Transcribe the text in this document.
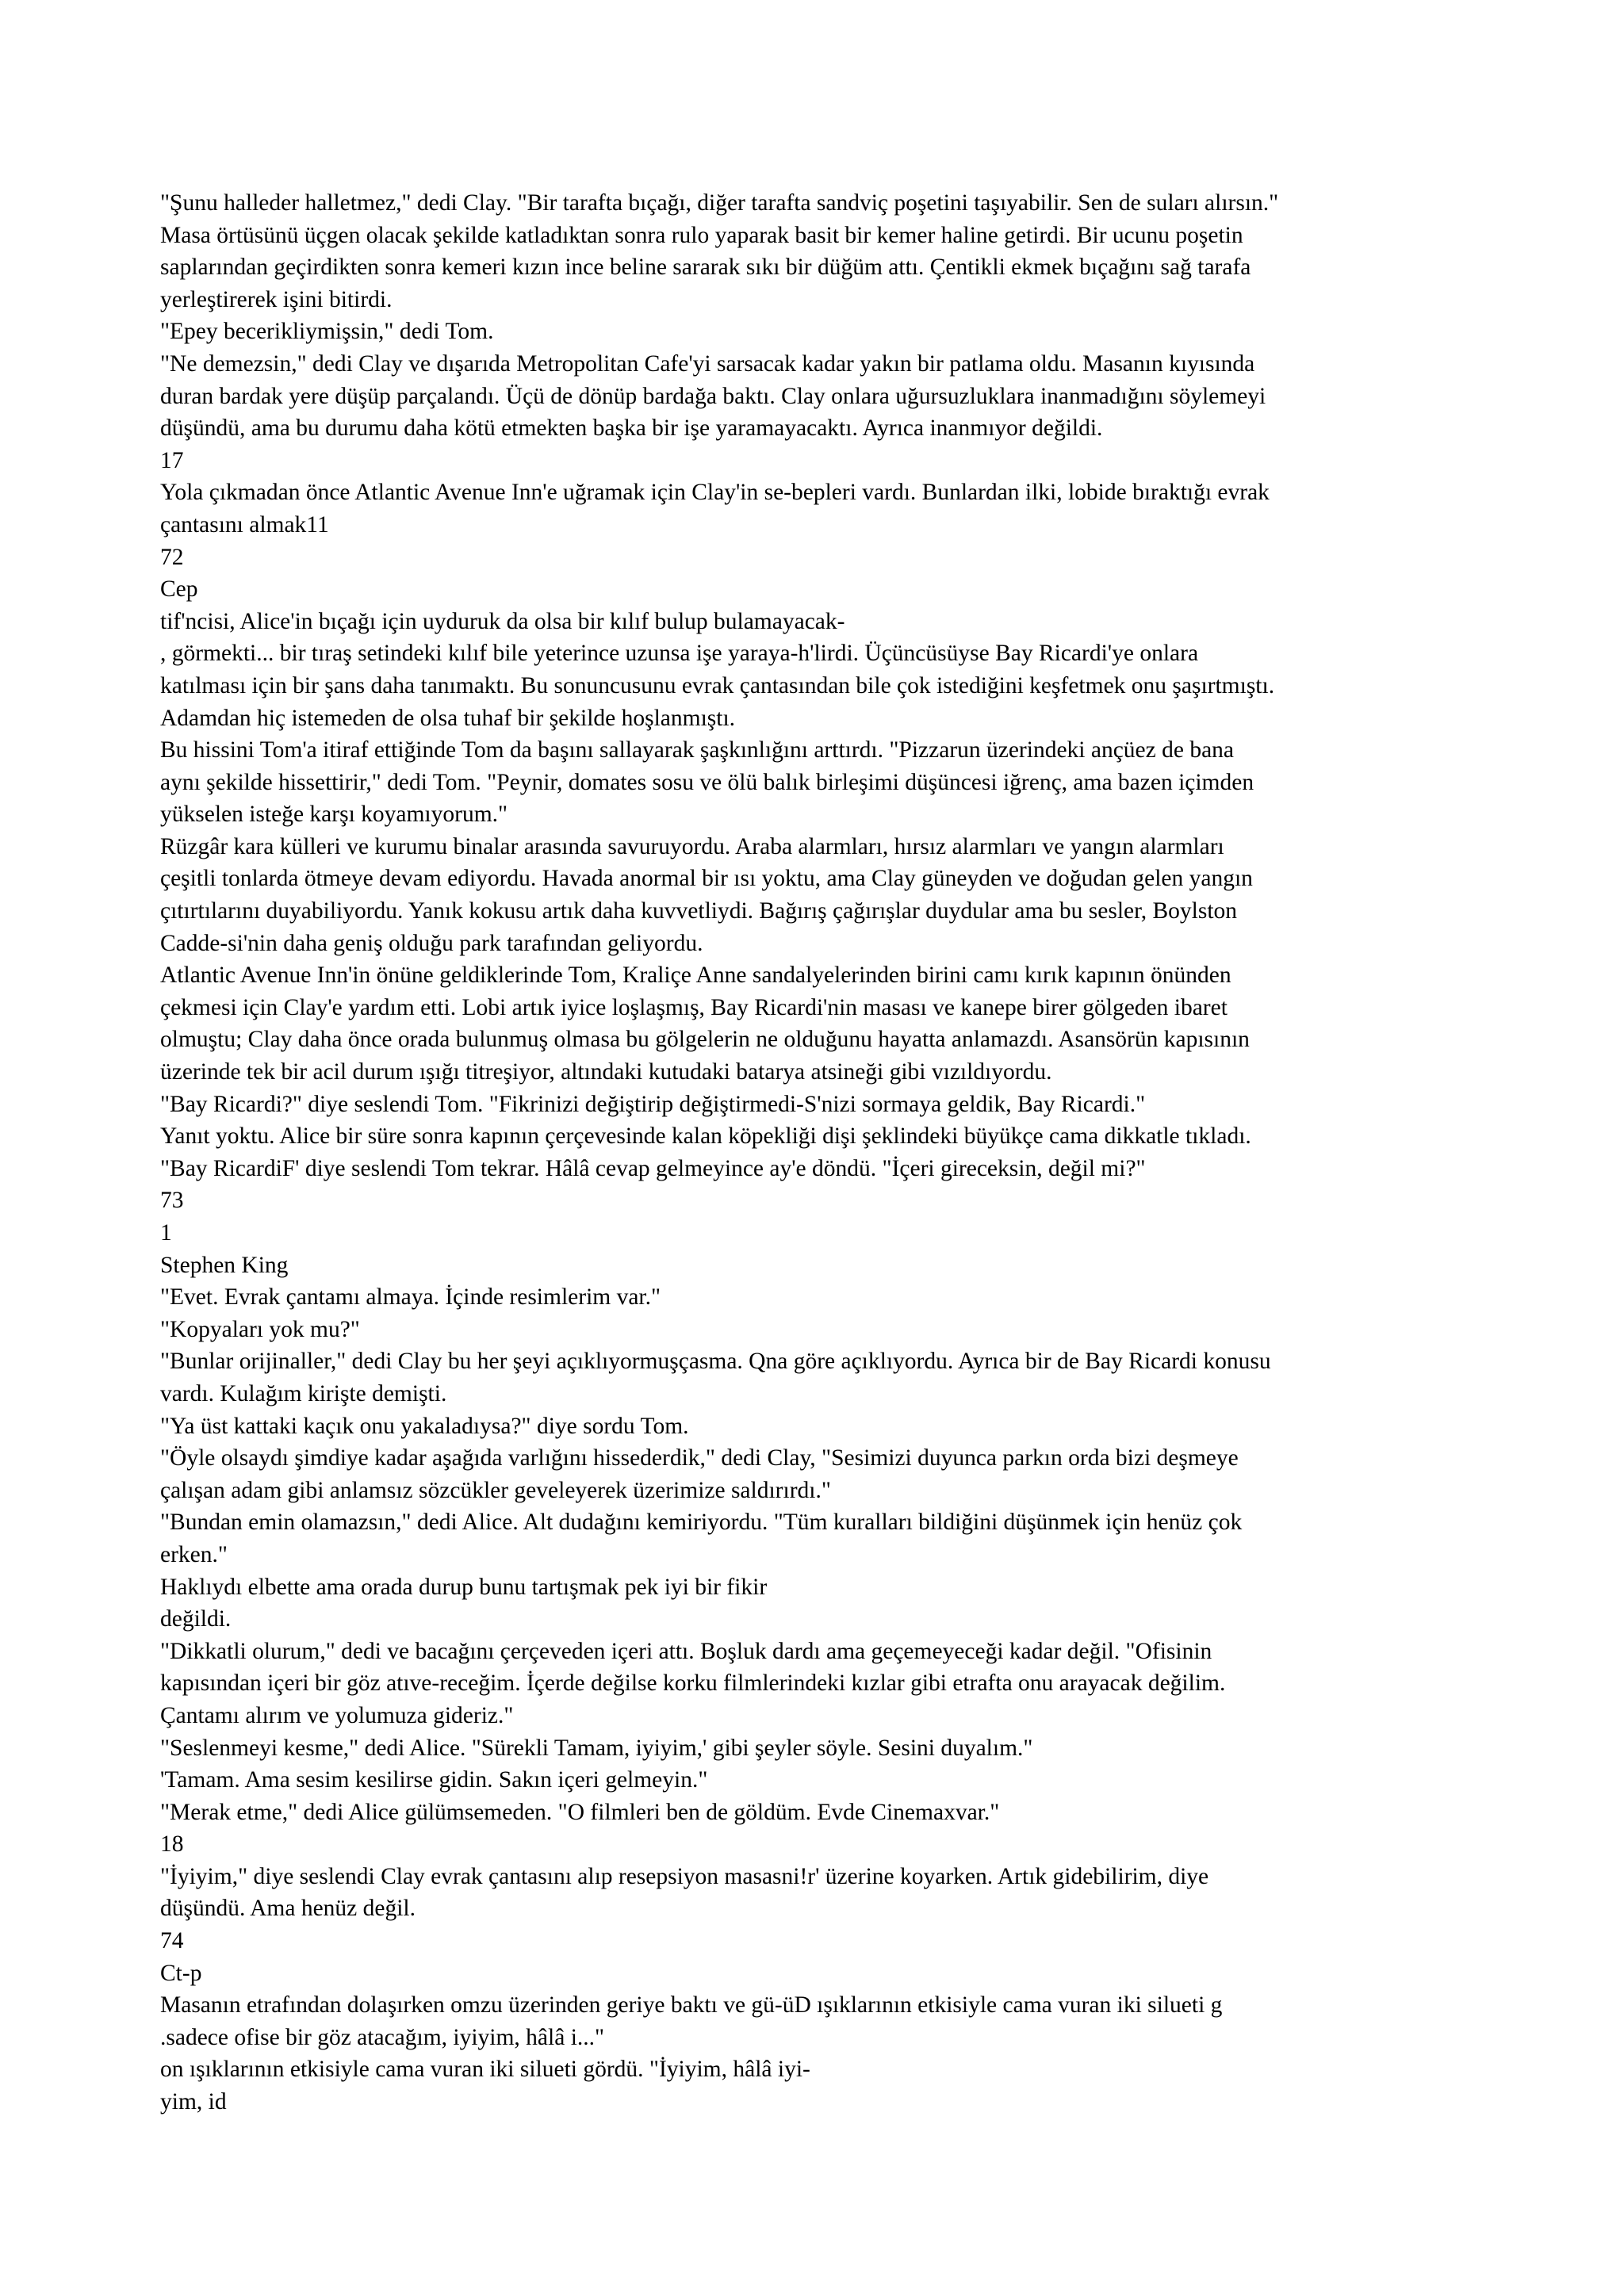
"Şunu halleder halletmez," dedi Clay. "Bir tarafta bıçağı, diğer tarafta sandviç poşetini taşıyabilir. Sen de suları alırsın."
Masa örtüsünü üçgen olacak şekilde katladıktan sonra rulo yaparak basit bir kemer haline getirdi. Bir ucunu poşetin
saplarından geçirdikten sonra kemeri kızın ince beline sararak sıkı bir düğüm attı. Çentikli ekmek bıçağını sağ tarafa
yerleştirerek işini bitirdi.
"Epey becerikliymişsin," dedi Tom.
"Ne demezsin," dedi Clay ve dışarıda Metropolitan Cafe'yi sarsacak kadar yakın bir patlama oldu. Masanın kıyısında
duran bardak yere düşüp parçalandı. Üçü de dönüp bardağa baktı. Clay onlara uğursuzluklara inanmadığını söylemeyi
düşündü, ama bu durumu daha kötü etmekten başka bir işe yaramayacaktı. Ayrıca inanmıyor değildi.
17
Yola çıkmadan önce Atlantic Avenue Inn'e uğramak için Clay'in se-bepleri vardı. Bunlardan ilki, lobide bıraktığı evrak
çantasını almak11
72
Cep
tif'ncisi, Alice'in bıçağı için uyduruk da olsa bir kılıf bulup bulamayacak-
, görmekti... bir tıraş setindeki kılıf bile yeterince uzunsa işe yaraya-h'lirdi. Üçüncüsüyse Bay Ricardi'ye onlara
katılması için bir şans daha tanımaktı. Bu sonuncusunu evrak çantasından bile çok istediğini keşfetmek onu şaşırtmıştı.
Adamdan hiç istemeden de olsa tuhaf bir şekilde hoşlanmıştı.
Bu hissini Tom'a itiraf ettiğinde Tom da başını sallayarak şaşkınlığını arttırdı. "Pizzarun üzerindeki ançüez de bana
aynı şekilde hissettirir," dedi Tom. "Peynir, domates sosu ve ölü balık birleşimi düşüncesi iğrenç, ama bazen içimden
yükselen isteğe karşı koyamıyorum."
Rüzgâr kara külleri ve kurumu binalar arasında savuruyordu. Araba alarmları, hırsız alarmları ve yangın alarmları
çeşitli tonlarda ötmeye devam ediyordu. Havada anormal bir ısı yoktu, ama Clay güneyden ve doğudan gelen yangın
çıtırtılarını duyabiliyordu. Yanık kokusu artık daha kuvvetliydi. Bağırış çağırışlar duydular ama bu sesler, Boylston
Cadde-si'nin daha geniş olduğu park tarafından geliyordu.
Atlantic Avenue Inn'in önüne geldiklerinde Tom, Kraliçe Anne sandalyelerinden birini camı kırık kapının önünden
çekmesi için Clay'e yardım etti. Lobi artık iyice loşlaşmış, Bay Ricardi'nin masası ve kanepe birer gölgeden ibaret
olmuştu; Clay daha önce orada bulunmuş olmasa bu gölgelerin ne olduğunu hayatta anlamazdı. Asansörün kapısının
üzerinde tek bir acil durum ışığı titreşiyor, altındaki kutudaki batarya atsineği gibi vızıldıyordu.
"Bay Ricardi?" diye seslendi Tom. "Fikrinizi değiştirip değiştirmedi-S'nizi sormaya geldik, Bay Ricardi."
Yanıt yoktu. Alice bir süre sonra kapının çerçevesinde kalan köpekliği dişi şeklindeki büyükçe cama dikkatle tıkladı.
"Bay RicardiF' diye seslendi Tom tekrar. Hâlâ cevap gelmeyince ay'e döndü. "İçeri gireceksin, değil mi?"
73
1
Stephen King
"Evet. Evrak çantamı almaya. İçinde resimlerim var."
"Kopyaları yok mu?"
"Bunlar orijinaller," dedi Clay bu her şeyi açıklıyormuşçasma. Qna göre açıklıyordu. Ayrıca bir de Bay Ricardi konusu
vardı. Kulağım kirişte demişti.
"Ya üst kattaki kaçık onu yakaladıysa?" diye sordu Tom.
"Öyle olsaydı şimdiye kadar aşağıda varlığını hissederdik," dedi Clay, "Sesimizi duyunca parkın orda bizi deşmeye
çalışan adam gibi anlamsız sözcükler geveleyerek üzerimize saldırırdı."
"Bundan emin olamazsın," dedi Alice. Alt dudağını kemiriyordu. "Tüm kuralları bildiğini düşünmek için henüz çok
erken."
Haklıydı elbette ama orada durup bunu tartışmak pek iyi bir fikir
değildi.
"Dikkatli olurum," dedi ve bacağını çerçeveden içeri attı. Boşluk dardı ama geçemeyeceği kadar değil. "Ofisinin
kapısından içeri bir göz atıve-receğim. İçerde değilse korku filmlerindeki kızlar gibi etrafta onu arayacak değilim.
Çantamı alırım ve yolumuza gideriz."
"Seslenmeyi kesme," dedi Alice. "Sürekli Tamam, iyiyim,' gibi şeyler söyle. Sesini duyalım."
'Tamam. Ama sesim kesilirse gidin. Sakın içeri gelmeyin."
"Merak etme," dedi Alice gülümsemeden. "O filmleri ben de göldüm. Evde Cinemaxvar."
18
"İyiyim," diye seslendi Clay evrak çantasını alıp resepsiyon masasni!r' üzerine koyarken. Artık gidebilirim, diye
düşündü. Ama henüz değil.
74
Ct-p
Masanın etrafından dolaşırken omzu üzerinden geriye baktı ve gü-üD ışıklarının etkisiyle cama vuran iki silueti g
.sadece ofise bir göz atacağım, iyiyim, hâlâ i..."
on ışıklarının etkisiyle cama vuran iki silueti gördü. "İyiyim, hâlâ iyi-
yim, id
